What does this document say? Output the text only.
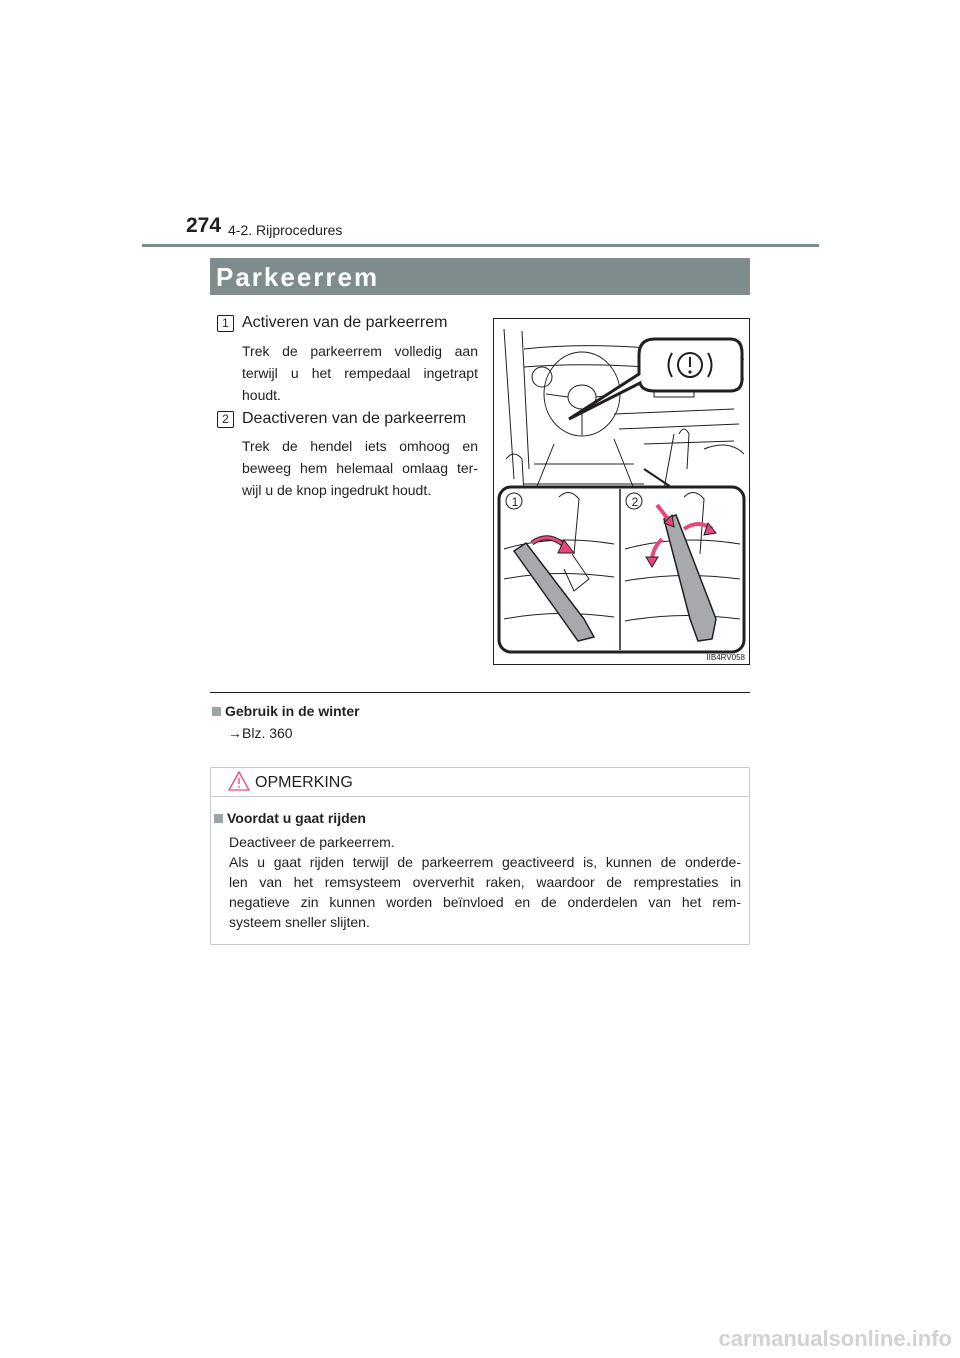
274 4-2. Rijprocedures
Parkeerrem
1 Activeren van de parkeerrem
Trek de parkeerrem volledig aan
terwijl u het rempedaal ingetrapt
houdt.
2 Deactiveren van de parkeerrem
Trek de hendel iets omhoog en
beweeg hem helemaal omlaag ter-
wijl u de knop ingedrukt houdt.
1	2
IIB4RV058
Gebruik in de winter
→Blz. 360
OPMERKING
Voordat u gaat rijden
Deactiveer de parkeerrem.
Als u gaat rijden terwijl de parkeerrem geactiveerd is, kunnen de onderde-
len van het remsysteem oververhit raken, waardoor de remprestaties in
negatieve zin kunnen worden beïnvloed en de onderdelen van het rem-
systeem sneller slijten.
carmanualsonline.info
